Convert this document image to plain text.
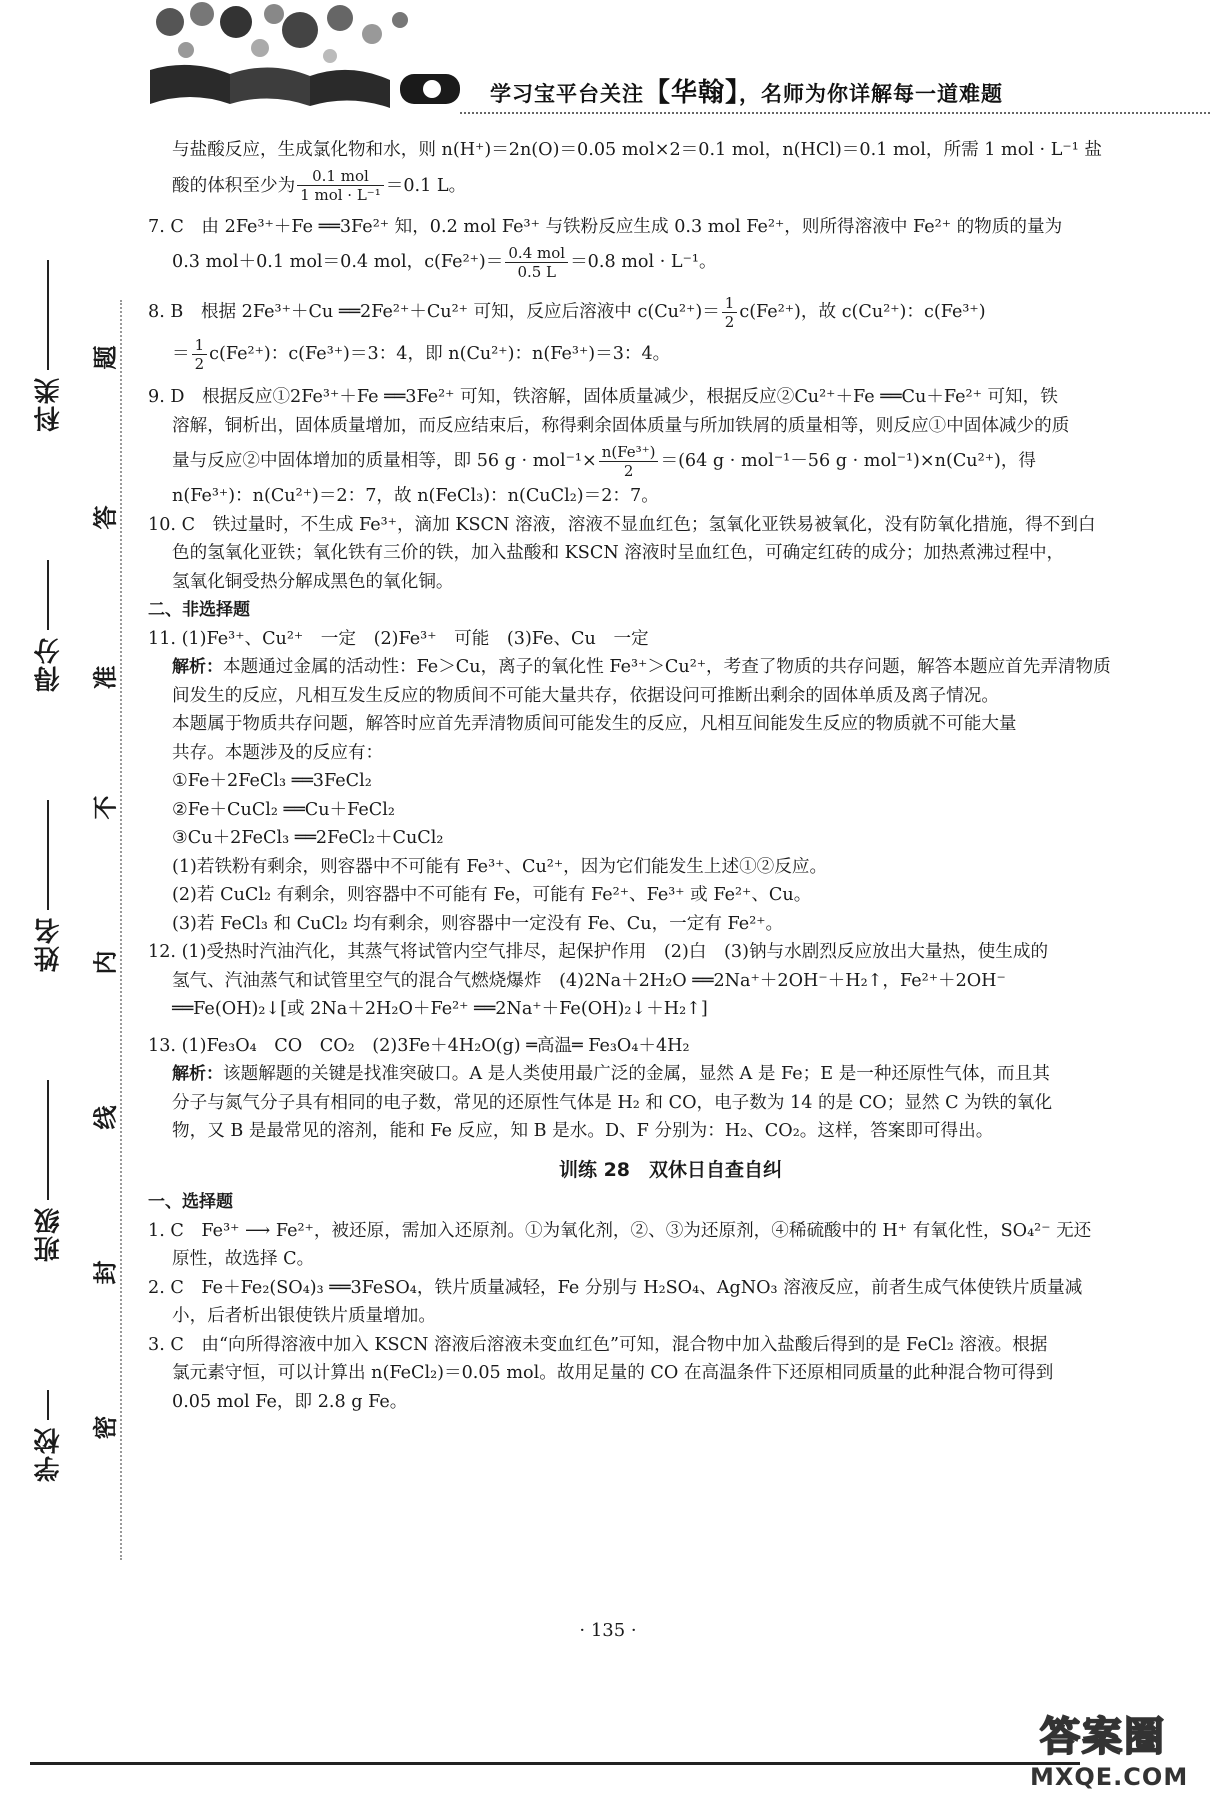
学习宝平台关注【华翰】，名师为你详解每一道难题
科类
得分
姓名
班级
学校 密
封
线
内
不
准
答
题

与盐酸反应，生成氯化物和水，则 n(H⁺)＝2n(O)＝0.05 mol×2＝0.1 mol，n(HCl)＝0.1 mol，所需 1 mol · L⁻¹ 盐

酸的体积至少为 $\frac{\text{0.1 mol}}{\text{1 mol · L⁻¹}} =0.1$ L。

7. C　由 2Fe³⁺＋Fe ══3Fe²⁺ 知，0.2 mol Fe³⁺ 与铁粉反应生成 0.3 mol Fe²⁺，则所得溶液中 Fe²⁺ 的物质的量为

0.3 mol＋0.1 mol＝0.4 mol，$c(Fe^{2+})= \frac{\text{0.4 mol}}{0.5 L} =0.8$ mol · L⁻¹。

8. B　根据 2Fe³⁺＋Cu ══2Fe²⁺＋Cu²⁺ 可知，反应后溶液中 $c(Cu^{2+})= \frac{1}{2} c(Fe^{2+})$，故 c(Cu²⁺)：c(Fe³⁺)

＝ $\frac{1}{2} c(Fe^{2+})$：c(Fe³⁺)＝3：4，即 n(Cu²⁺)：n(Fe³⁺)＝3：4。

9. D　根据反应①2Fe³⁺＋Fe ══3Fe²⁺ 可知，铁溶解，固体质量减少，根据反应②Cu²⁺＋Fe ══Cu＋Fe²⁺ 可知，铁

溶解，铜析出，固体质量增加，而反应结束后，称得剩余固体质量与所加铁屑的质量相等，则反应①中固体减少的质

量与反应②中固体增加的质量相等，即 56 $g \cdot mol^{-1}\times \frac{\text{n(Fe³⁺)}}{2} =(64$ g · mol⁻¹－56 g · mol⁻¹)×n(Cu²⁺)，得

n(Fe³⁺)：n(Cu²⁺)＝2：7，故 n(FeCl₃)：n(CuCl₂)＝2：7。

10. C　铁过量时，不生成 Fe³⁺，滴加 KSCN 溶液，溶液不显血红色；氢氧化亚铁易被氧化，没有防氧化措施，得不到白

色的氢氧化亚铁；氧化铁有三价的铁，加入盐酸和 KSCN 溶液时呈血红色，可确定红砖的成分；加热煮沸过程中，

氢氧化铜受热分解成黑色的氧化铜。

二、非选择题

11. (1)Fe³⁺、Cu²⁺　一定　(2)Fe³⁺　可能　(3)Fe、Cu　一定

解析：本题通过金属的活动性：Fe＞Cu，离子的氧化性 Fe³⁺＞Cu²⁺，考查了物质的共存问题，解答本题应首先弄清物质

间发生的反应，凡相互发生反应的物质间不可能大量共存，依据设问可推断出剩余的固体单质及离子情况。

本题属于物质共存问题，解答时应首先弄清物质间可能发生的反应，凡相互间能发生反应的物质就不可能大量

共存。本题涉及的反应有：

①Fe＋2FeCl₃ ══3FeCl₂

②Fe＋CuCl₂ ══Cu＋FeCl₂

③Cu＋2FeCl₃ ══2FeCl₂＋CuCl₂

(1)若铁粉有剩余，则容器中不可能有 Fe³⁺、Cu²⁺，因为它们能发生上述①②反应。

(2)若 CuCl₂ 有剩余，则容器中不可能有 Fe，可能有 Fe²⁺、Fe³⁺ 或 Fe²⁺、Cu。

(3)若 FeCl₃ 和 CuCl₂ 均有剩余，则容器中一定没有 Fe、Cu，一定有 Fe²⁺。

12. (1)受热时汽油汽化，其蒸气将试管内空气排尽，起保护作用　(2)白　(3)钠与水剧烈反应放出大量热，使生成的

氢气、汽油蒸气和试管里空气的混合气燃烧爆炸　(4)2Na＋2H₂O ══2Na⁺＋2OH⁻＋H₂↑，Fe²⁺＋2OH⁻

══Fe(OH)₂↓[或 2Na＋2H₂O＋Fe²⁺ ══2Na⁺＋Fe(OH)₂↓＋H₂↑]

13. (1)Fe₃O₄　CO　CO₂　(2)3Fe＋4H₂O(g) ═高温═ Fe₃O₄＋4H₂

解析：该题解题的关键是找准突破口。A 是人类使用最广泛的金属，显然 A 是 Fe；E 是一种还原性气体，而且其

分子与氮气分子具有相同的电子数，常见的还原性气体是 H₂ 和 CO，电子数为 14 的是 CO；显然 C 为铁的氧化

物，又 B 是最常见的溶剂，能和 Fe 反应，知 B 是水。D、F 分别为：H₂、CO₂。这样，答案即可得出。

训练 28　双休日自查自纠

一、选择题

1. C　Fe³⁺ ⟶ Fe²⁺，被还原，需加入还原剂。①为氧化剂，②、③为还原剂，④稀硫酸中的 H⁺ 有氧化性，SO₄²⁻ 无还

原性，故选择 C。

2. C　Fe＋Fe₂(SO₄)₃ ══3FeSO₄，铁片质量减轻，Fe 分别与 H₂SO₄、AgNO₃ 溶液反应，前者生成气体使铁片质量减

小，后者析出银使铁片质量增加。

3. C　由“向所得溶液中加入 KSCN 溶液后溶液未变血红色”可知，混合物中加入盐酸后得到的是 FeCl₂ 溶液。根据

氯元素守恒，可以计算出 n(FeCl₂)＝0.05 mol。故用足量的 CO 在高温条件下还原相同质量的此种混合物可得到

0.05 mol Fe，即 2.8 g Fe。

· 135 ·
答案圈
MXQE.COM
